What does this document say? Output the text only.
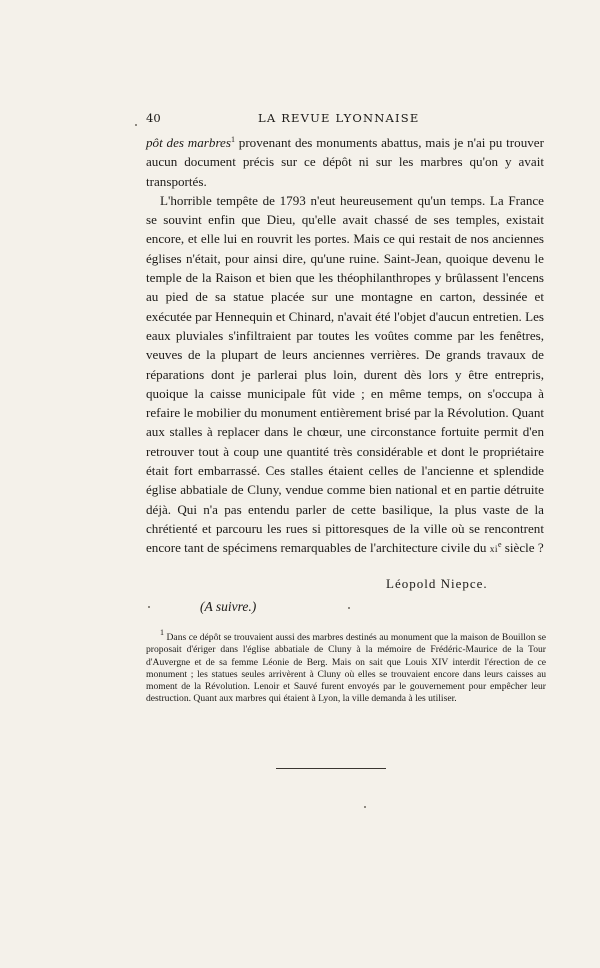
40	LA REVUE LYONNAISE

pôt des marbres$^1$ provenant des monuments abattus, mais je n'ai pu trouver aucun document précis sur ce dépôt ni sur les marbres qu'on y avait transportés.

L'horrible tempête de 1793 n'eut heureusement qu'un temps. La France se souvint enfin que Dieu, qu'elle avait chassé de ses temples, existait encore, et elle lui en rouvrit les portes. Mais ce qui restait de nos anciennes églises n'était, pour ainsi dire, qu'une ruine. Saint-Jean, quoique devenu le temple de la Raison et bien que les théophilanthropes y brûlassent l'encens au pied de sa statue placée sur une montagne en carton, dessinée et exécutée par Hennequin et Chinard, n'avait été l'objet d'aucun entretien. Les eaux pluviales s'infiltraient par toutes les voûtes comme par les fenêtres, veuves de la plupart de leurs anciennes verrières. De grands travaux de réparations dont je parlerai plus loin, durent dès lors y être entrepris, quoique la caisse municipale fût vide ; en même temps, on s'occupa à refaire le mobilier du monument entièrement brisé par la Révolution. Quant aux stalles à replacer dans le chœur, une circonstance fortuite permit d'en retrouver tout à coup une quantité très considérable et dont le propriétaire était fort embarrassé. Ces stalles étaient celles de l'ancienne et splendide église abbatiale de Cluny, vendue comme bien national et en partie détruite déjà. Qui n'a pas entendu parler de cette basilique, la plus vaste de la chrétienté et parcouru les rues si pittoresques de la ville où se rencontrent encore tant de spécimens remarquables de l'architecture civile du $xi^e$ siècle ?

Léopold Niepce.
(A suivre.)

$^1$ Dans ce dépôt se trouvaient aussi des marbres destinés au monument que la maison de Bouillon se proposait d'ériger dans l'église abbatiale de Cluny à la mémoire de Frédéric-Maurice de la Tour d'Auvergne et de sa femme Léonie de Berg. Mais on sait que Louis XIV interdit l'érection de ce monument ; les statues seules arrivèrent à Cluny où elles se trouvaient encore dans leurs caisses au moment de la Révolution. Lenoir et Sauvé furent envoyés par le gouvernement pour empêcher leur destruction. Quant aux marbres qui étaient à Lyon, la ville demanda à les utiliser.
